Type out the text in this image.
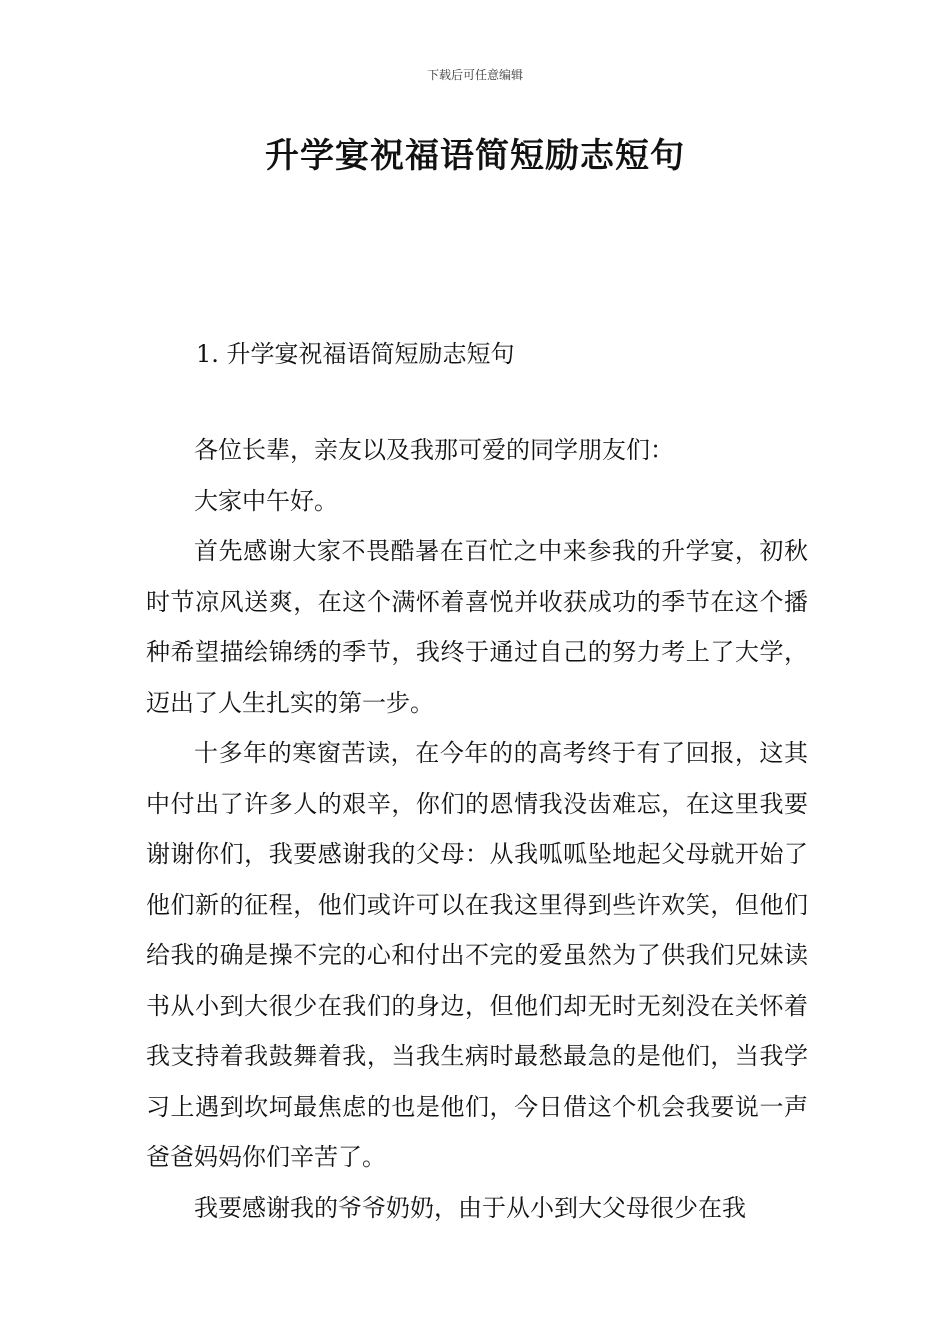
下载后可任意编辑
升学宴祝福语简短励志短句
1. 升学宴祝福语简短励志短句

各位长辈，亲友以及我那可爱的同学朋友们：

大家中午好。

首先感谢大家不畏酷暑在百忙之中来参我的升学宴，初秋时节凉风送爽，在这个满怀着喜悦并收获成功的季节在这个播种希望描绘锦绣的季节，我终于通过自己的努力考上了大学，迈出了人生扎实的第一步。

十多年的寒窗苦读，在今年的的高考终于有了回报，这其中付出了许多人的艰辛，你们的恩情我没齿难忘，在这里我要谢谢你们，我要感谢我的父母：从我呱呱坠地起父母就开始了他们新的征程，他们或许可以在我这里得到些许欢笑，但他们给我的确是操不完的心和付出不完的爱虽然为了供我们兄妹读书从小到大很少在我们的身边，但他们却无时无刻没在关怀着我支持着我鼓舞着我，当我生病时最愁最急的是他们，当我学习上遇到坎坷最焦虑的也是他们，今日借这个机会我要说一声爸爸妈妈你们辛苦了。

我要感谢我的爷爷奶奶，由于从小到大父母很少在我
